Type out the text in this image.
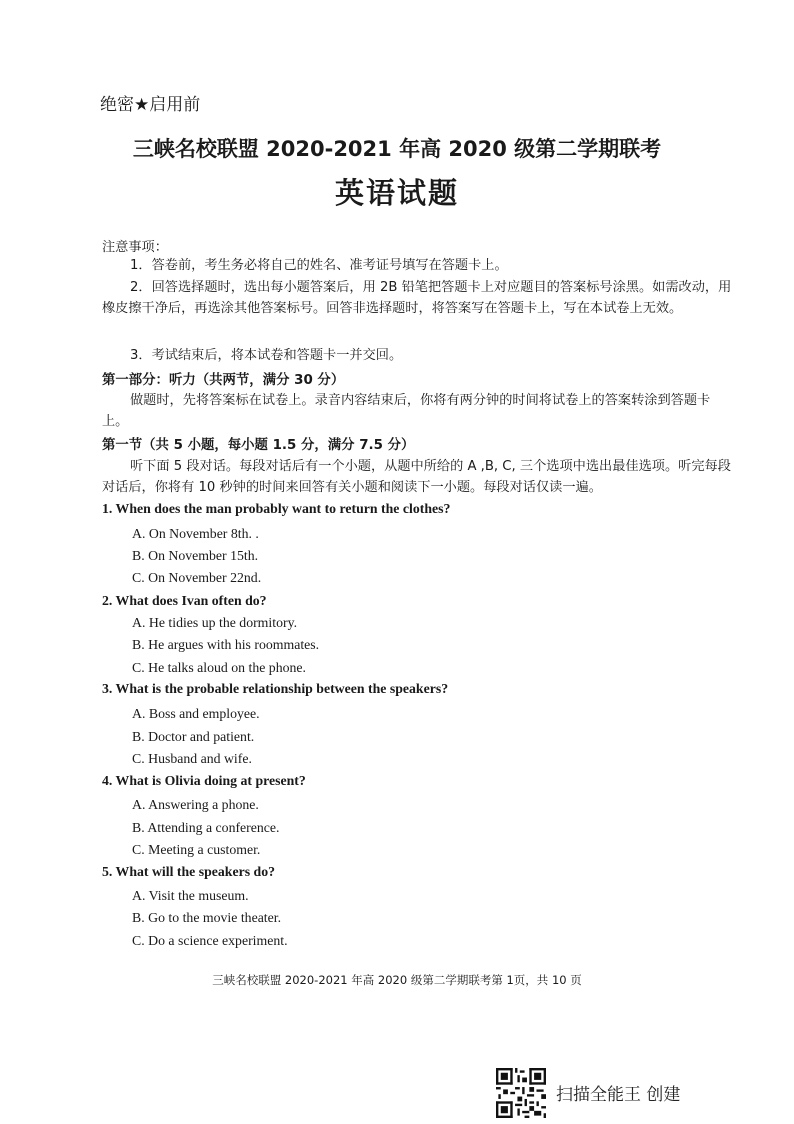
绝密★启用前
三峡名校联盟 2020-2021 年高 2020 级第二学期联考
英语试题
注意事项：
1．答卷前，考生务必将自己的姓名、准考证号填写在答题卡上。
2．回答选择题时，选出每小题答案后，用 2B 铅笔把答题卡上对应题目的答案标号涂黑。如需改动，用橡皮擦干净后，再选涂其他答案标号。回答非选择题时，将答案写在答题卡上，写在本试卷上无效。
3．考试结束后，将本试卷和答题卡一并交回。
第一部分：听力（共两节，满分 30 分）
做题时，先将答案标在试卷上。录音内容结束后，你将有两分钟的时间将试卷上的答案转涂到答题卡上。
第一节（共 5 小题，每小题 1.5 分，满分 7.5 分）
听下面 5 段对话。每段对话后有一个小题，从题中所给的 A ,B, C, 三个选项中选出最佳选项。听完每段对话后，你将有 10 秒钟的时间来回答有关小题和阅读下一小题。每段对话仅读一遍。
1. When does the man probably want to return the clothes?
A. On November 8th. .
B. On November 15th.
C. On November 22nd.
2. What does Ivan often do?
A. He tidies up the dormitory.
B. He argues with his roommates.
C. He talks aloud on the phone.
3. What is the probable relationship between the speakers?
A. Boss and employee.
B. Doctor and patient.
C. Husband and wife.
4. What is Olivia doing at present?
A. Answering a phone.
B. Attending a conference.
C. Meeting a customer.
5. What will the speakers do?
A. Visit the museum.
B. Go to the movie theater.
C. Do a science experiment.
三峡名校联盟 2020-2021 年高 2020 级第二学期联考第 1页，共 10 页
扫描全能王 创建
